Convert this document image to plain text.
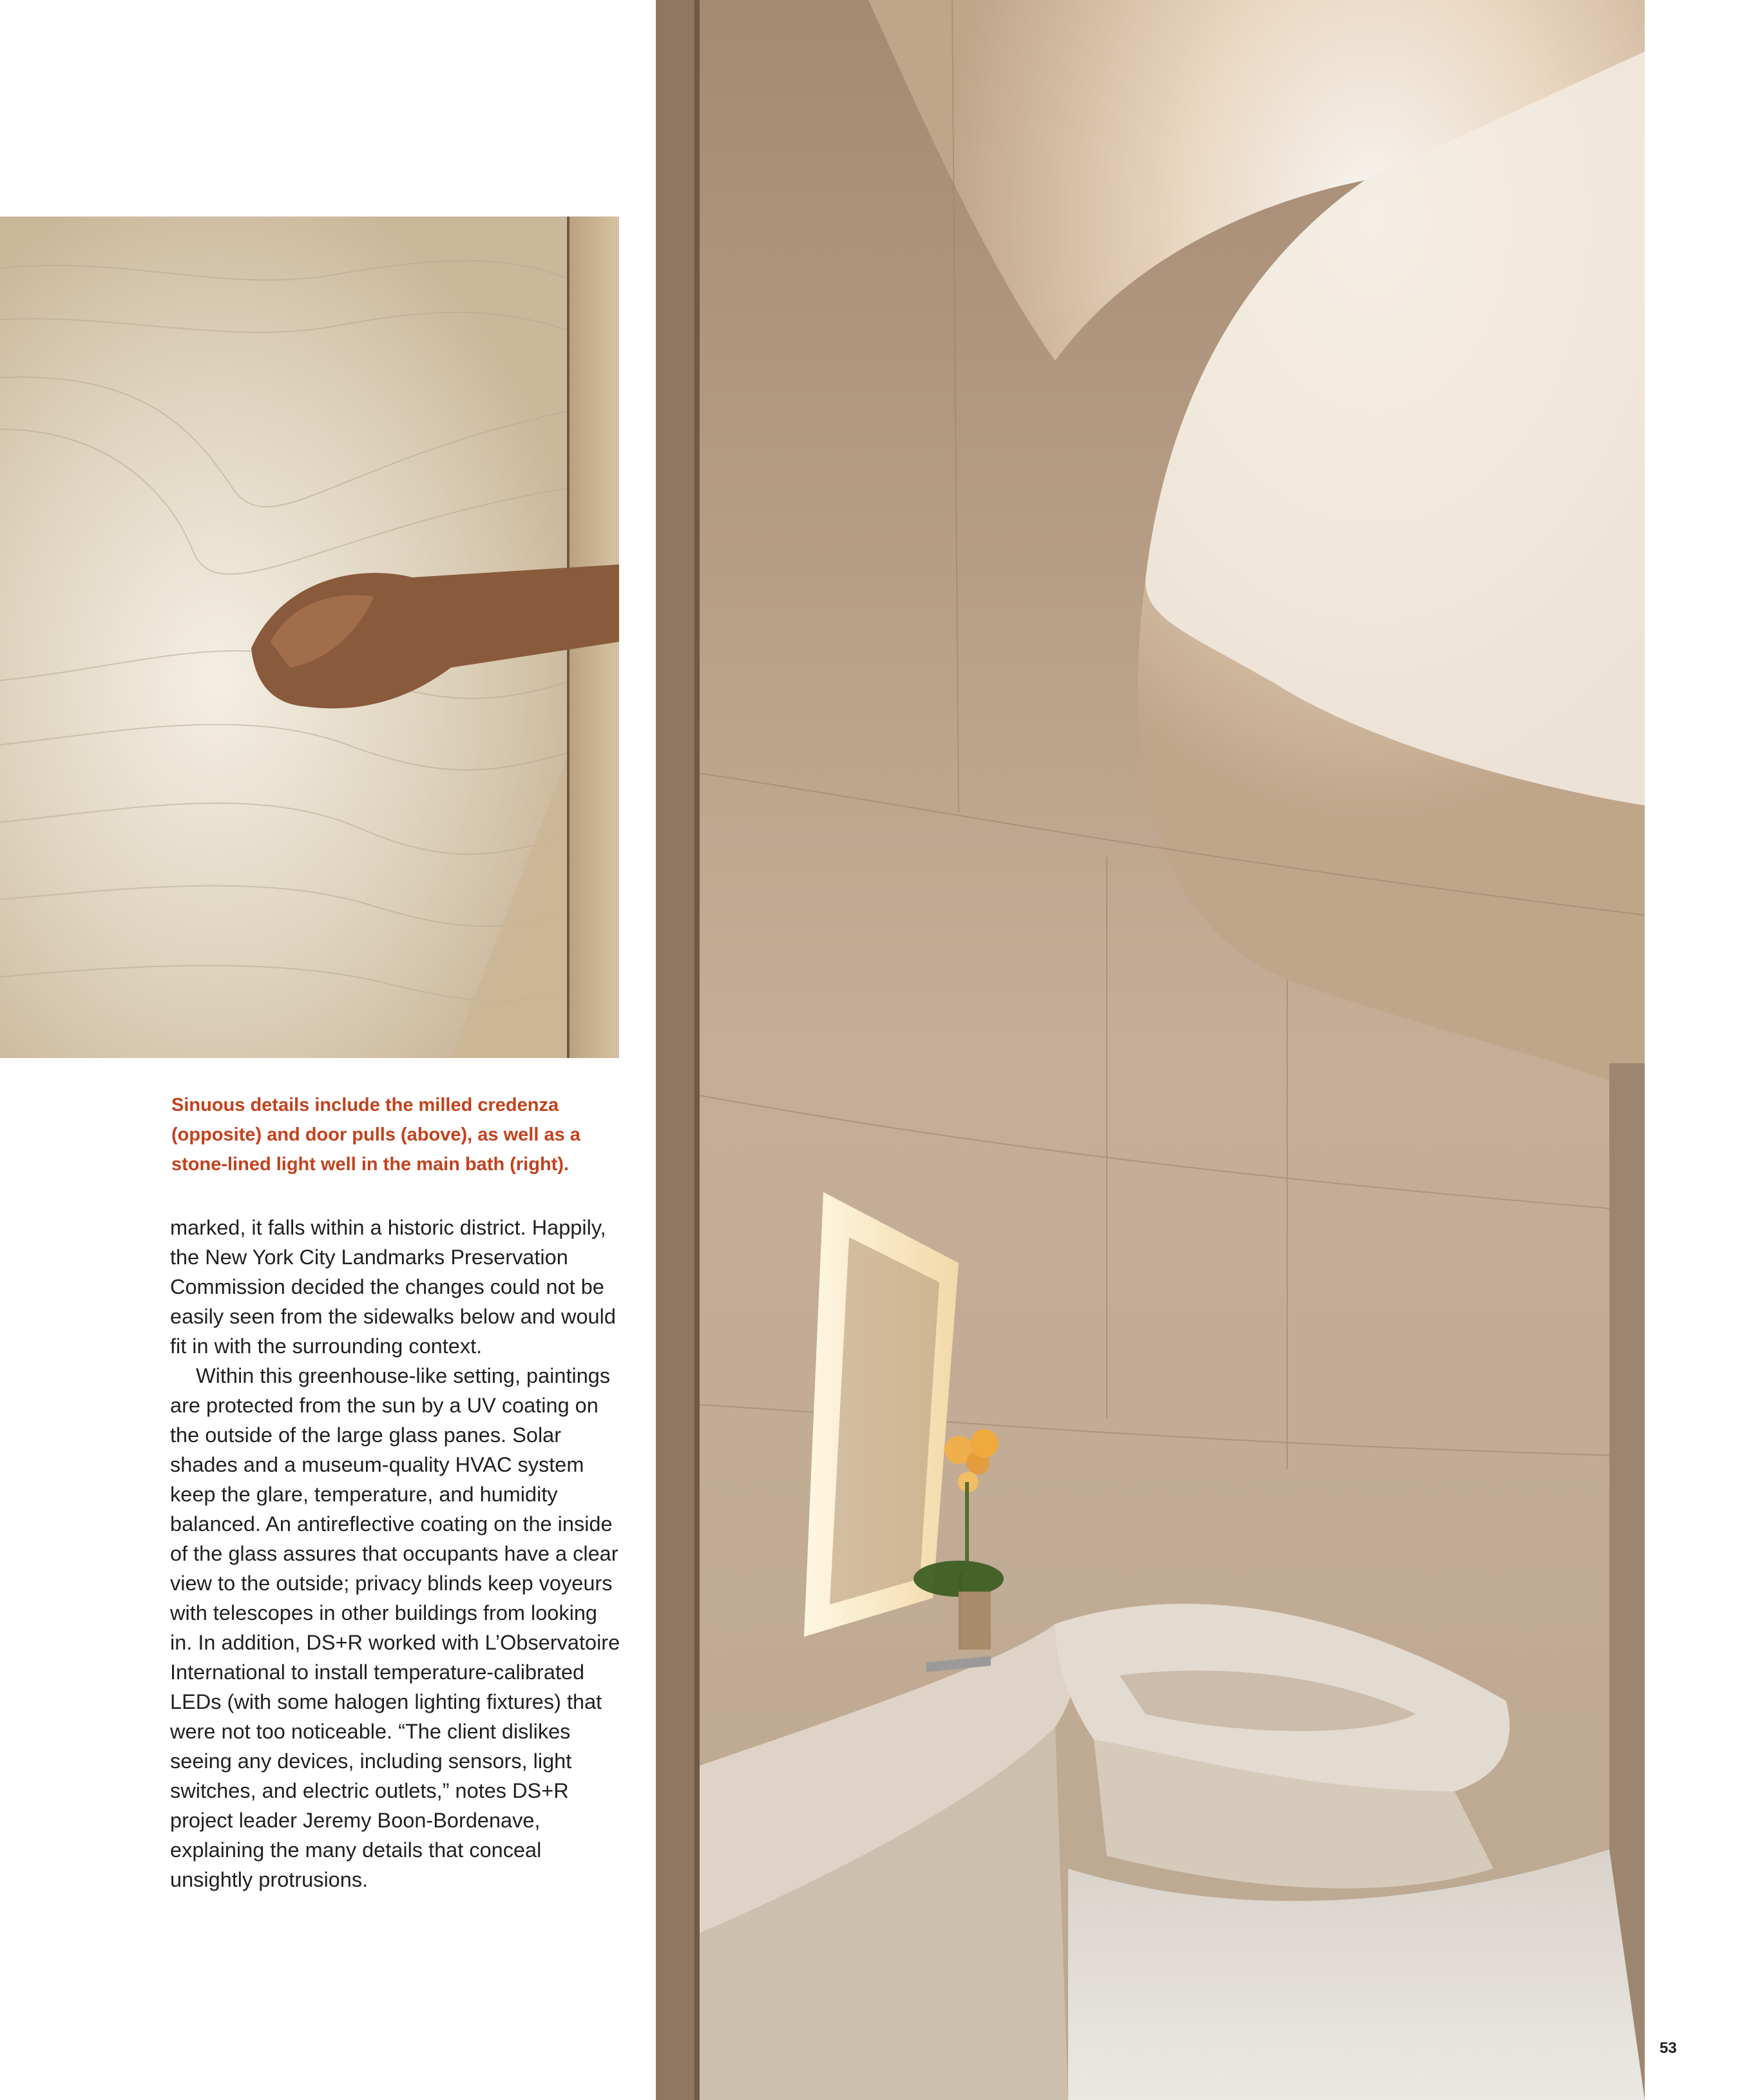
Sinuous details include the milled credenza (opposite) and door pulls (above), as well as a stone-lined light well in the main bath (right).

marked, it falls within a historic district. Happily, the New York City Landmarks Preservation Commission decided the changes could not be easily seen from the sidewalks below and would fit in with the surrounding context.

Within this greenhouse-like setting, paintings are protected from the sun by a UV coating on the outside of the large glass panes. Solar shades and a museum-quality HVAC system keep the glare, temperature, and humidity balanced. An antireflective coating on the inside of the glass assures that occupants have a clear view to the outside; privacy blinds keep voyeurs with telescopes in other buildings from looking in. In addition, DS+R worked with L’Observatoire International to install temperature-calibrated LEDs (with some halogen lighting fixtures) that were not too noticeable. “The client dislikes seeing any devices, including sensors, light switches, and electric outlets,” notes DS+R project leader Jeremy Boon-Bordenave, explaining the many details that conceal unsightly protrusions.

53
